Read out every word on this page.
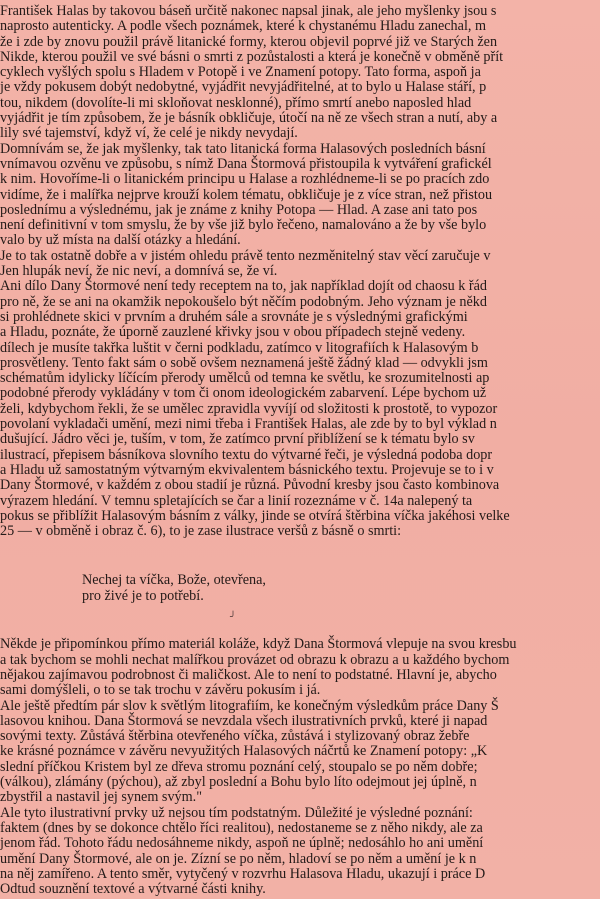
František Halas by takovou báseň určitě nakonec napsal jinak, ale jeho myšlenky jsou s
naprosto autenticky. A podle všech poznámek, které k chystanému Hladu zanechal, m
že i zde by znovu použil právě litanické formy, kterou objevil poprvé již ve Starých žen
Nikde, kterou použil ve své básni o smrti z pozůstalosti a která je konečně v obměně přít
cyklech vyšlých spolu s Hladem v Potopě i ve Znamení potopy. Tato forma, aspoň ja
je vždy pokusem dobýt nedobytné, vyjádřit nevyjádřitelné, at to bylo u Halase stáří, p
tou, nikdem (dovolíte-li mi skloňovat nesklonné), přímo smrtí anebo naposled hlad
vyjádřit je tím způsobem, že je básník obkličuje, útočí na ně ze všech stran a nutí, aby a
lily své tajemství, když ví, že celé je nikdy nevydají.
Domnívám se, že jak myšlenky, tak tato litanická forma Halasových posledních básní
vnímavou ozvěnu ve způsobu, s nímž Dana Štormová přistoupila k vytváření grafickél
k nim. Hovoříme-li o litanickém principu u Halase a rozhlédneme-li se po pracích zdo
vidíme, že i malířka nejprve krouží kolem tématu, obkličuje je z více stran, než přistou
poslednímu a výslednému, jak je známe z knihy Potopa — Hlad. A zase ani tato pos
není definitivní v tom smyslu, že by vše již bylo řečeno, namalováno a že by vše bylo
valo by už místa na další otázky a hledání.
Je to tak ostatně dobře a v jistém ohledu právě tento nezměnitelný stav věcí zaručuje v
Jen hlupák neví, že nic neví, a domnívá se, že ví.
Ani dílo Dany Štormové není tedy receptem na to, jak například dojít od chaosu k řád
pro ně, že se ani na okamžik nepokoušelo být něčím podobným. Jeho význam je někd
si prohlédnete skici v prvním a druhém sále a srovnáte je s výslednými grafickými
a Hladu, poznáte, že úporně zauzlené křivky jsou v obou případech stejně vedeny.
dílech je musíte takřka luštit v černi podkladu, zatímco v litografiích k Halasovým b
prosvětleny. Tento fakt sám o sobě ovšem neznamená ještě žádný klad — odvykli jsm
schématům idylicky líčícím přerody umělců od temna ke světlu, ke srozumitelnosti ap
podobné přerody vykládány v tom či onom ideologickém zabarvení. Lépe bychom už
želi, kdybychom řekli, že se umělec zpravidla vyvíjí od složitosti k prostotě, to vypozor
povolaní vykladači umění, mezi nimi třeba i František Halas, ale zde by to byl výklad n
dušující. Jádro věci je, tuším, v tom, že zatímco první přiblížení se k tématu bylo sv
ilustrací, přepisem básníkova slovního textu do výtvarné řeči, je výsledná podoba dopr
a Hladu už samostatným výtvarným ekvivalentem básnického textu. Projevuje se to i v
Dany Štormové, v každém z obou stadií je různá. Původní kresby jsou často kombinova
výrazem hledání. V temnu spletajících se čar a linií rozeznáme v č. 14a nalepený ta
pokus se přiblížit Halasovým básním z války, jinde se otvírá štěrbina víčka jakéhosi velke
25 — v obměně i obraz č. 6), to je zase ilustrace veršů z básně o smrti:
Nechej ta víčka, Bože, otevřena,
pro živé je to potřebí.
Někde je připomínkou přímo materiál koláže, když Dana Štormová vlepuje na svou kresbu
a tak bychom se mohli nechat malířkou provázet od obrazu k obrazu a u každého bychom
nějakou zajímavou podrobnost či maličkost. Ale to není to podstatné. Hlavní je, abycho
sami domýšleli, o to se tak trochu v závěru pokusím i já.
Ale ještě předtím pár slov k světlým litografiím, ke konečným výsledkům práce Dany Š
lasovou knihou. Dana Štormová se nevzdala všech ilustrativních prvků, které ji napad
sovými texty. Zůstává štěrbina otevřeného víčka, zůstává i stylizovaný obraz žebře
ke krásné poznámce v závěru nevyužitých Halasových náčrtů ke Znamení potopy: „K
slední příčkou Kristem byl ze dřeva stromu poznání celý, stoupalo se po něm dobře;
(válkou), zlámány (pýchou), až zbyl poslední a Bohu bylo líto odejmout jej úplně, n
zbystřil a nastavil jej synem svým."
Ale tyto ilustrativní prvky už nejsou tím podstatným. Důležité je výsledné poznání:
faktem (dnes by se dokonce chtělo říci realitou), nedostaneme se z něho nikdy, ale za
jenom řád. Tohoto řádu nedosáhneme nikdy, aspoň ne úplně; nedosáhlo ho ani umění
umění Dany Štormové, ale on je. Zízní se po něm, hladoví se po něm a umění je k n
na něj zamířeno. A tento směr, vytyčený v rozvrhu Halasova Hladu, ukazují i práce D
Odtud souznění textové a výtvarné části knihy.
╯
